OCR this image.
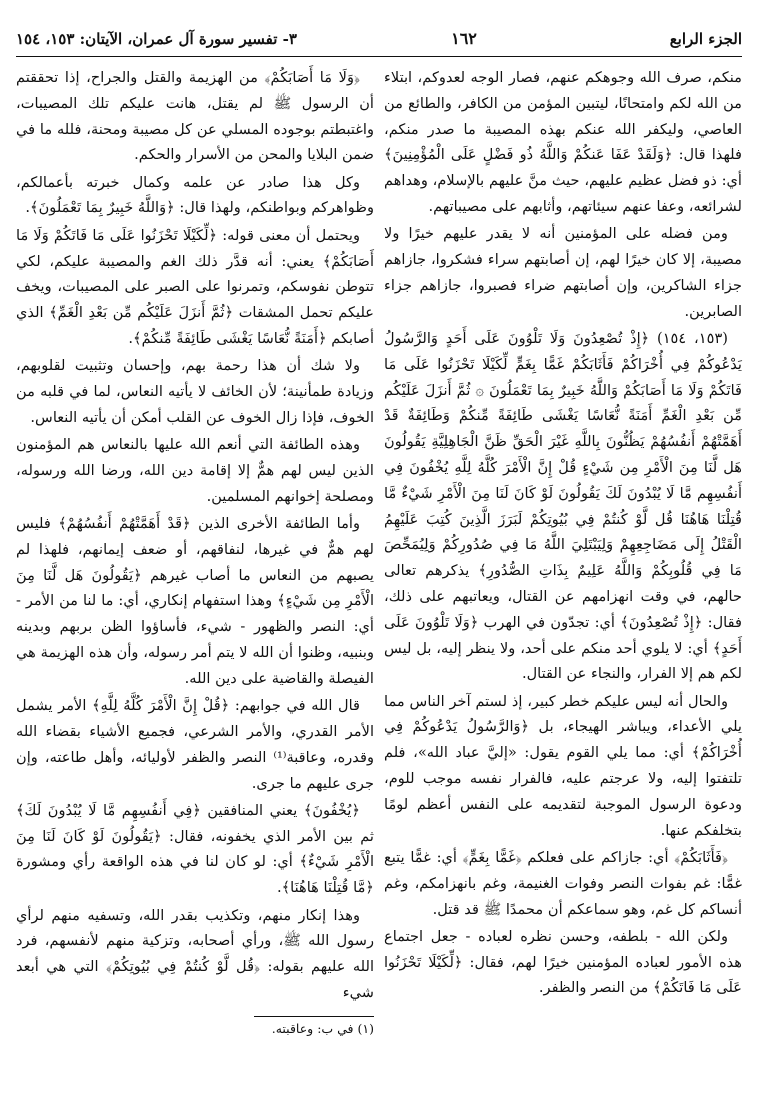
الجزء الرابع
١٦٢
٣- تفسير سورة آل عمران، الآيتان: ١٥٣، ١٥٤

منكم، صرف الله وجوهكم عنهم، فصار الوجه لعدوكم، ابتلاء من الله لكم وامتحانًا، ليتبين المؤمن من الكافر، والطائع من العاصي، وليكفر الله عنكم بهذه المصيبة ما صدر منكم، فلهذا قال: ﴿وَلَقَدْ عَفَا عَنكُمْ وَاللَّهُ ذُو فَضْلٍ عَلَى الْمُؤْمِنِينَ﴾ أي: ذو فضل عظيم عليهم، حيث منَّ عليهم بالإسلام، وهداهم لشرائعه، وعفا عنهم سيئاتهم، وأثابهم على مصيباتهم.

ومن فضله على المؤمنين أنه لا يقدر عليهم خيرًا ولا مصيبة، إلا كان خيرًا لهم، إن أصابتهم سراء فشكروا، جازاهم جزاء الشاكرين، وإن أصابتهم ضراء فصبروا، جازاهم جزاء الصابرين.

(١٥٣، ١٥٤) ﴿إِذْ تُصْعِدُونَ وَلَا تَلْوُونَ عَلَى أَحَدٍ وَالرَّسُولُ يَدْعُوكُمْ فِي أُخْرَاكُمْ فَأَثَابَكُمْ غَمًّا بِغَمٍّ لِّكَيْلَا تَحْزَنُوا عَلَى مَا فَاتَكُمْ وَلَا مَا أَصَابَكُمْ وَاللَّهُ خَبِيرٌ بِمَا تَعْمَلُونَ ۞ ثُمَّ أَنزَلَ عَلَيْكُم مِّن بَعْدِ الْغَمِّ أَمَنَةً نُّعَاسًا يَغْشَى طَائِفَةً مِّنكُمْ وَطَائِفَةٌ قَدْ أَهَمَّتْهُمْ أَنفُسُهُمْ يَظُنُّونَ بِاللَّهِ غَيْرَ الْحَقِّ ظَنَّ الْجَاهِلِيَّةِ يَقُولُونَ هَل لَّنَا مِنَ الْأَمْرِ مِن شَيْءٍ قُلْ إِنَّ الْأَمْرَ كُلَّهُ لِلَّهِ يُخْفُونَ فِي أَنفُسِهِم مَّا لَا يُبْدُونَ لَكَ يَقُولُونَ لَوْ كَانَ لَنَا مِنَ الْأَمْرِ شَيْءٌ مَّا قُتِلْنَا هَاهُنَا قُل لَّوْ كُنتُمْ فِي بُيُوتِكُمْ لَبَرَزَ الَّذِينَ كُتِبَ عَلَيْهِمُ الْقَتْلُ إِلَى مَضَاجِعِهِمْ وَلِيَبْتَلِيَ اللَّهُ مَا فِي صُدُورِكُمْ وَلِيُمَحِّصَ مَا فِي قُلُوبِكُمْ وَاللَّهُ عَلِيمٌ بِذَاتِ الصُّدُورِ﴾ يذكرهم تعالى حالهم، في وقت انهزامهم عن القتال، ويعاتبهم على ذلك، فقال: ﴿إِذْ تُصْعِدُونَ﴾ أي: تجدّون في الهرب ﴿وَلَا تَلْوُونَ عَلَى أَحَدٍ﴾ أي: لا يلوي أحد منكم على أحد، ولا ينظر إليه، بل ليس لكم هم إلا الفرار، والنجاء عن القتال.

والحال أنه ليس عليكم خطر كبير، إذ لستم آخر الناس مما يلي الأعداء، ويباشر الهيجاء، بل ﴿وَالرَّسُولُ يَدْعُوكُمْ فِي أُخْرَاكُمْ﴾ أي: مما يلي القوم يقول: «إليَّ عباد الله»، فلم تلتفتوا إليه، ولا عرجتم عليه، فالفرار نفسه موجب للوم، ودعوة الرسول الموجبة لتقديمه على النفس أعظم لومًا بتخلفكم عنها.

﴿فَأَثَابَكُمْ﴾ أي: جازاكم على فعلكم ﴿غَمًّا بِغَمٍّ﴾ أي: غمًّا يتبع غمًّا: غم بفوات النصر وفوات الغنيمة، وغم بانهزامكم، وغم أنساكم كل غم، وهو سماعكم أن محمدًا ﷺ قد قتل.

ولكن الله - بلطفه، وحسن نظره لعباده - جعل اجتماع هذه الأمور لعباده المؤمنين خيرًا لهم، فقال: ﴿لِّكَيْلَا تَحْزَنُوا عَلَى مَا فَاتَكُمْ﴾ من النصر والظفر.

﴿وَلَا مَا أَصَابَكُمْ﴾ من الهزيمة والقتل والجراح، إذا تحققتم أن الرسول ﷺ لم يقتل، هانت عليكم تلك المصيبات، واغتبطتم بوجوده المسلي عن كل مصيبة ومحنة، فلله ما في ضمن البلايا والمحن من الأسرار والحكم.

وكل هذا صادر عن علمه وكمال خبرته بأعمالكم، وظواهركم وبواطنكم، ولهذا قال: ﴿وَاللَّهُ خَبِيرٌ بِمَا تَعْمَلُونَ﴾.

ويحتمل أن معنى قوله: ﴿لِّكَيْلَا تَحْزَنُوا عَلَى مَا فَاتَكُمْ وَلَا مَا أَصَابَكُمْ﴾ يعني: أنه قدَّر ذلك الغم والمصيبة عليكم، لكي تتوطن نفوسكم، وتمرنوا على الصبر على المصيبات، ويخف عليكم تحمل المشقات ﴿ثُمَّ أَنزَلَ عَلَيْكُم مِّن بَعْدِ الْغَمِّ﴾ الذي أصابكم ﴿أَمَنَةً نُّعَاسًا يَغْشَى طَائِفَةً مِّنكُمْ﴾.

ولا شك أن هذا رحمة بهم، وإحسان وتثبيت لقلوبهم، وزيادة طمأنينة؛ لأن الخائف لا يأتيه النعاس، لما في قلبه من الخوف، فإذا زال الخوف عن القلب أمكن أن يأتيه النعاس.

وهذه الطائفة التي أنعم الله عليها بالنعاس هم المؤمنون الذين ليس لهم همٌّ إلا إقامة دين الله، ورضا الله ورسوله، ومصلحة إخوانهم المسلمين.

وأما الطائفة الأخرى الذين ﴿قَدْ أَهَمَّتْهُمْ أَنفُسُهُمْ﴾ فليس لهم همٌّ في غيرها، لنفاقهم، أو ضعف إيمانهم، فلهذا لم يصبهم من النعاس ما أصاب غيرهم ﴿يَقُولُونَ هَل لَّنَا مِنَ الْأَمْرِ مِن شَيْءٍ﴾ وهذا استفهام إنكاري، أي: ما لنا من الأمر - أي: النصر والظهور - شيء، فأساؤوا الظن بربهم وبدينه وبنبيه، وظنوا أن الله لا يتم أمر رسوله، وأن هذه الهزيمة هي الفيصلة والقاضية على دين الله.

قال الله في جوابهم: ﴿قُلْ إِنَّ الْأَمْرَ كُلَّهُ لِلَّهِ﴾ الأمر يشمل الأمر القدري، والأمر الشرعي، فجميع الأشياء بقضاء الله وقدره، وعاقبة⁽¹⁾ النصر والظفر لأوليائه، وأهل طاعته، وإن جرى عليهم ما جرى.

﴿يُخْفُونَ﴾ يعني المنافقين ﴿فِي أَنفُسِهِم مَّا لَا يُبْدُونَ لَكَ﴾ ثم بين الأمر الذي يخفونه، فقال: ﴿يَقُولُونَ لَوْ كَانَ لَنَا مِنَ الْأَمْرِ شَيْءٌ﴾ أي: لو كان لنا في هذه الواقعة رأي ومشورة ﴿مَّا قُتِلْنَا هَاهُنَا﴾.

وهذا إنكار منهم، وتكذيب بقدر الله، وتسفيه منهم لرأي رسول الله ﷺ، ورأي أصحابه، وتزكية منهم لأنفسهم، فرد الله عليهم بقوله: ﴿قُل لَّوْ كُنتُمْ فِي بُيُوتِكُمْ﴾ التي هي أبعد شيء

(١) في ب: وعاقبته.
